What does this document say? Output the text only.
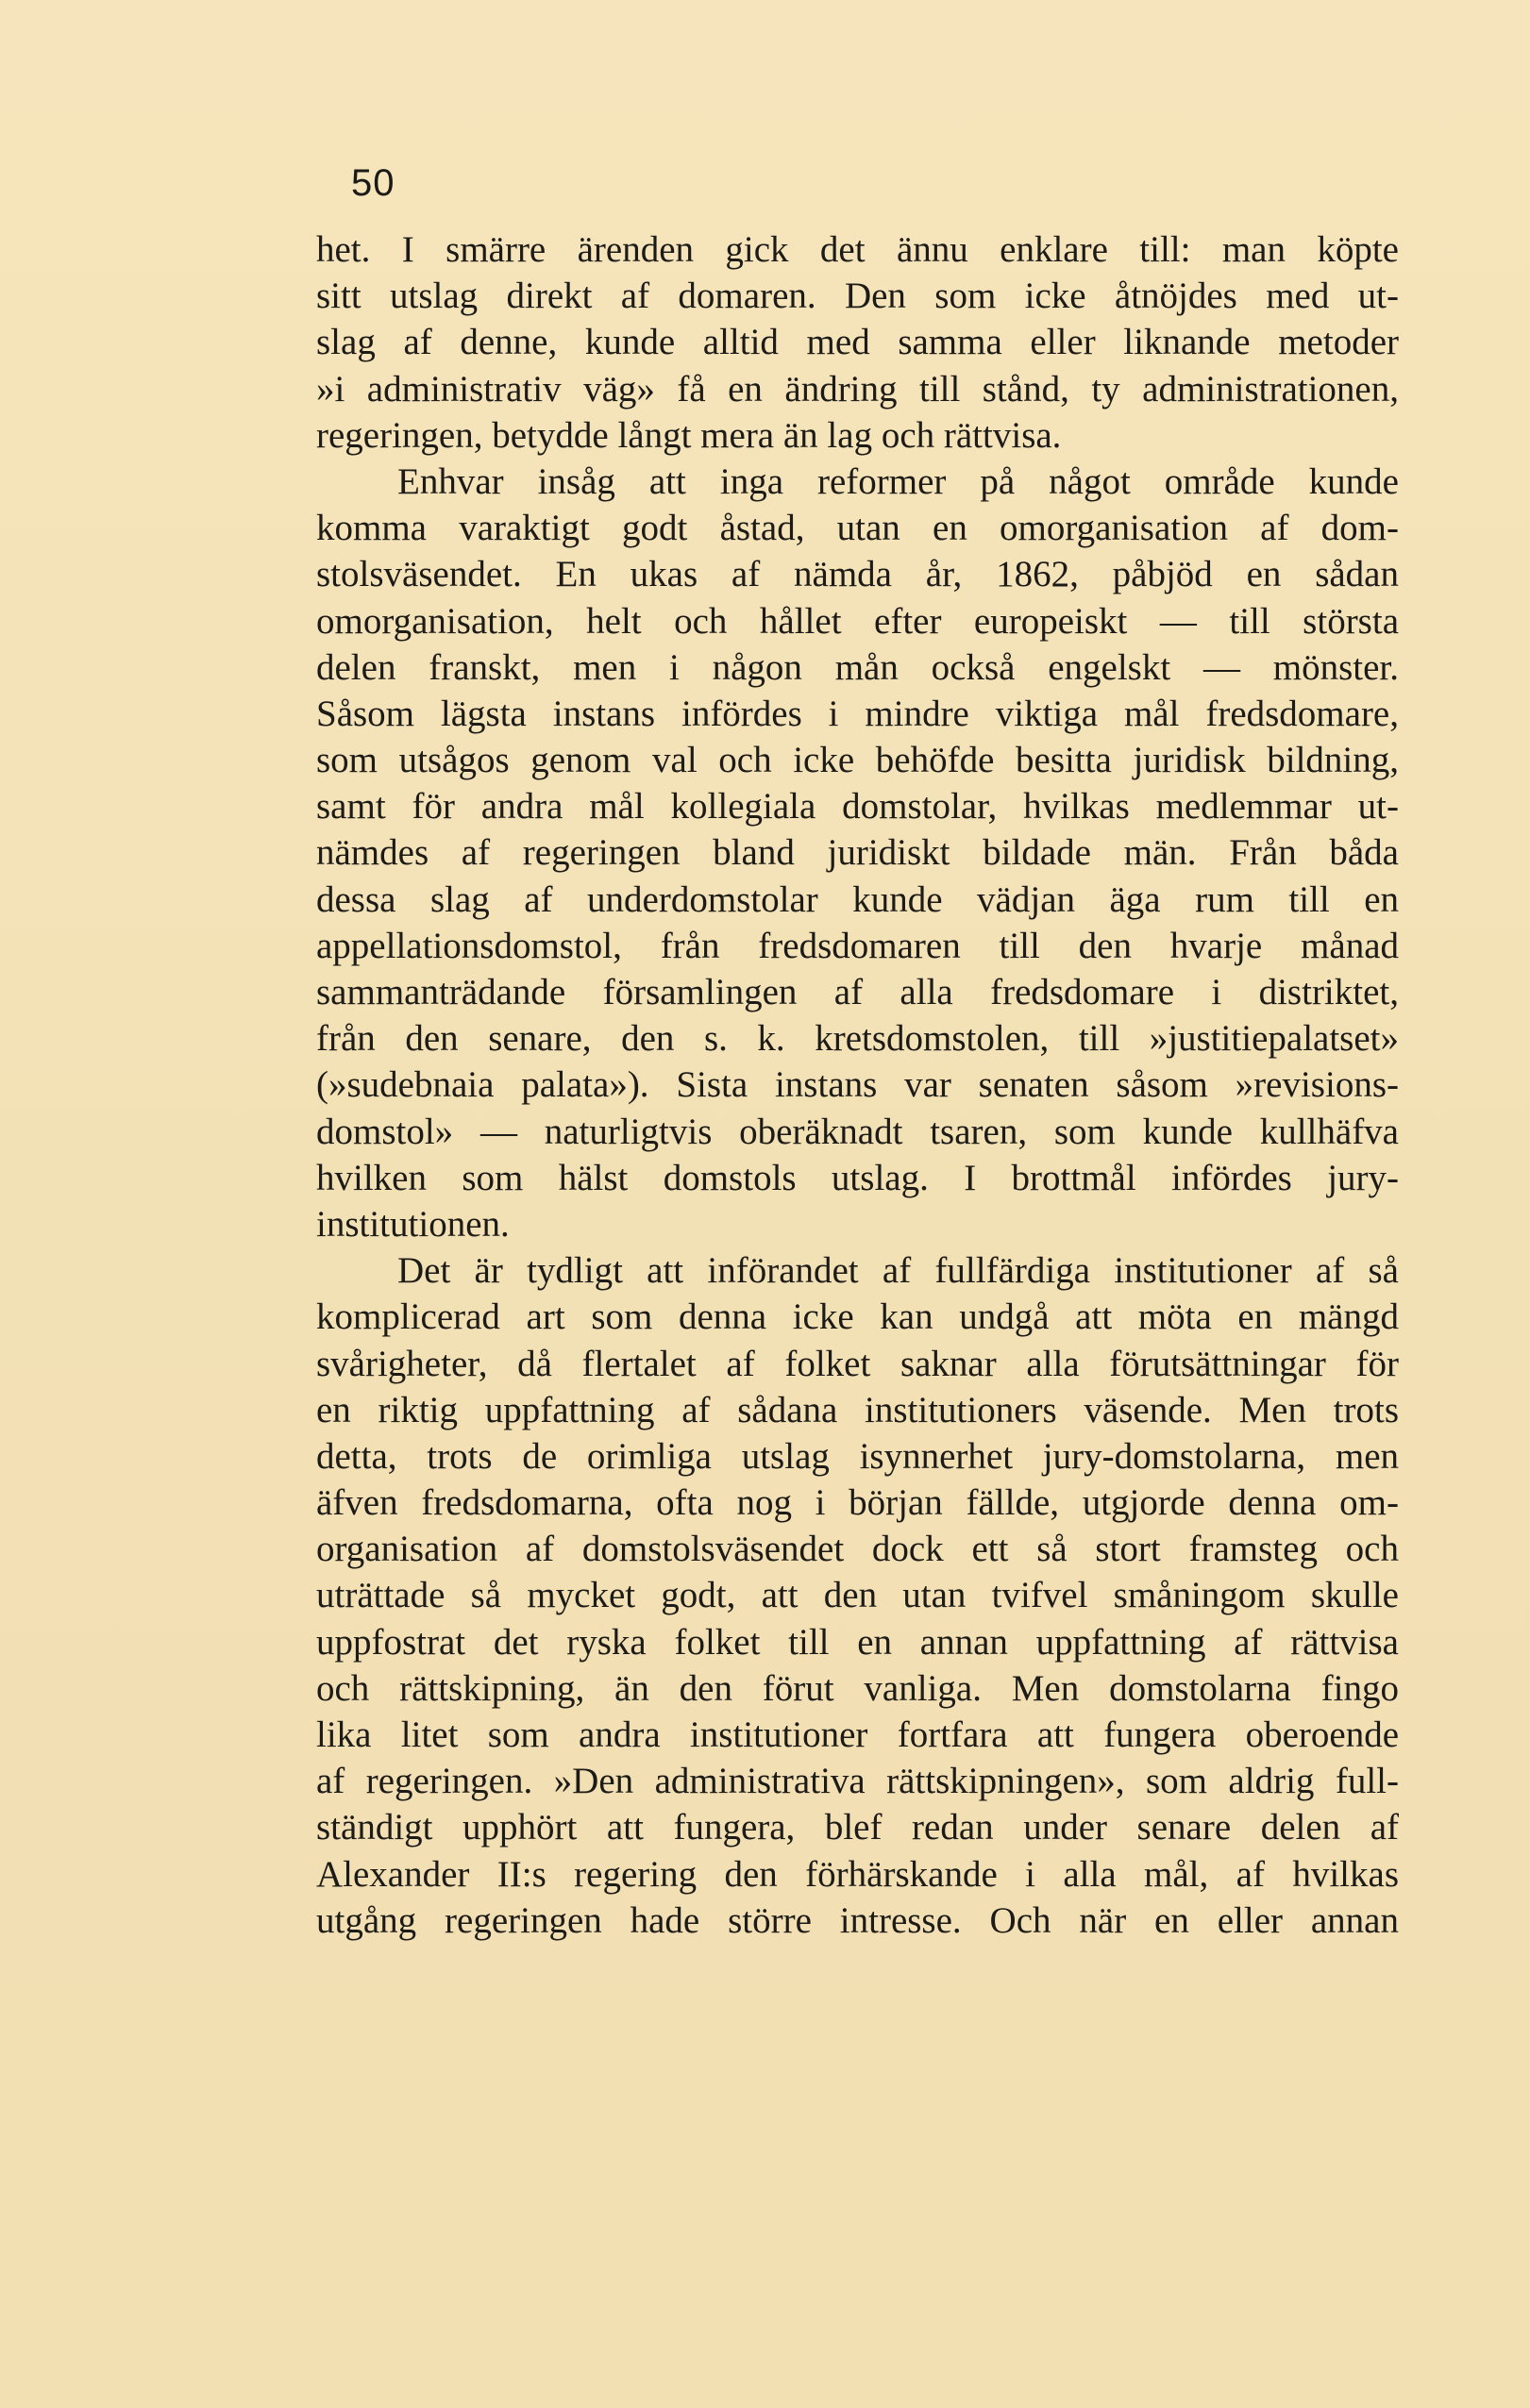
50
het. I smärre ärenden gick det ännu enklare till: man köpte
sitt utslag direkt af domaren. Den som icke åtnöjdes med ut-
slag af denne, kunde alltid med samma eller liknande metoder
»i administrativ väg» få en ändring till stånd, ty administrationen,
regeringen, betydde långt mera än lag och rättvisa.
Enhvar insåg att inga reformer på något område kunde
komma varaktigt godt åstad, utan en omorganisation af dom-
stolsväsendet. En ukas af nämda år, 1862, påbjöd en sådan
omorganisation, helt och hållet efter europeiskt — till största
delen franskt, men i någon mån också engelskt — mönster.
Såsom lägsta instans infördes i mindre viktiga mål fredsdomare,
som utsågos genom val och icke behöfde besitta juridisk bildning,
samt för andra mål kollegiala domstolar, hvilkas medlemmar ut-
nämdes af regeringen bland juridiskt bildade män. Från båda
dessa slag af underdomstolar kunde vädjan äga rum till en
appellationsdomstol, från fredsdomaren till den hvarje månad
sammanträdande församlingen af alla fredsdomare i distriktet,
från den senare, den s. k. kretsdomstolen, till »justitiepalatset»
(»sudebnaia palata»). Sista instans var senaten såsom »revisions-
domstol» — naturligtvis oberäknadt tsaren, som kunde kullhäfva
hvilken som hälst domstols utslag. I brottmål infördes jury-
institutionen.
Det är tydligt att införandet af fullfärdiga institutioner af så
komplicerad art som denna icke kan undgå att möta en mängd
svårigheter, då flertalet af folket saknar alla förutsättningar för
en riktig uppfattning af sådana institutioners väsende. Men trots
detta, trots de orimliga utslag isynnerhet jury-domstolarna, men
äfven fredsdomarna, ofta nog i början fällde, utgjorde denna om-
organisation af domstolsväsendet dock ett så stort framsteg och
uträttade så mycket godt, att den utan tvifvel småningom skulle
uppfostrat det ryska folket till en annan uppfattning af rättvisa
och rättskipning, än den förut vanliga. Men domstolarna fingo
lika litet som andra institutioner fortfara att fungera oberoende
af regeringen. »Den administrativa rättskipningen», som aldrig full-
ständigt upphört att fungera, blef redan under senare delen af
Alexander II:s regering den förhärskande i alla mål, af hvilkas
utgång regeringen hade större intresse. Och när en eller annan
